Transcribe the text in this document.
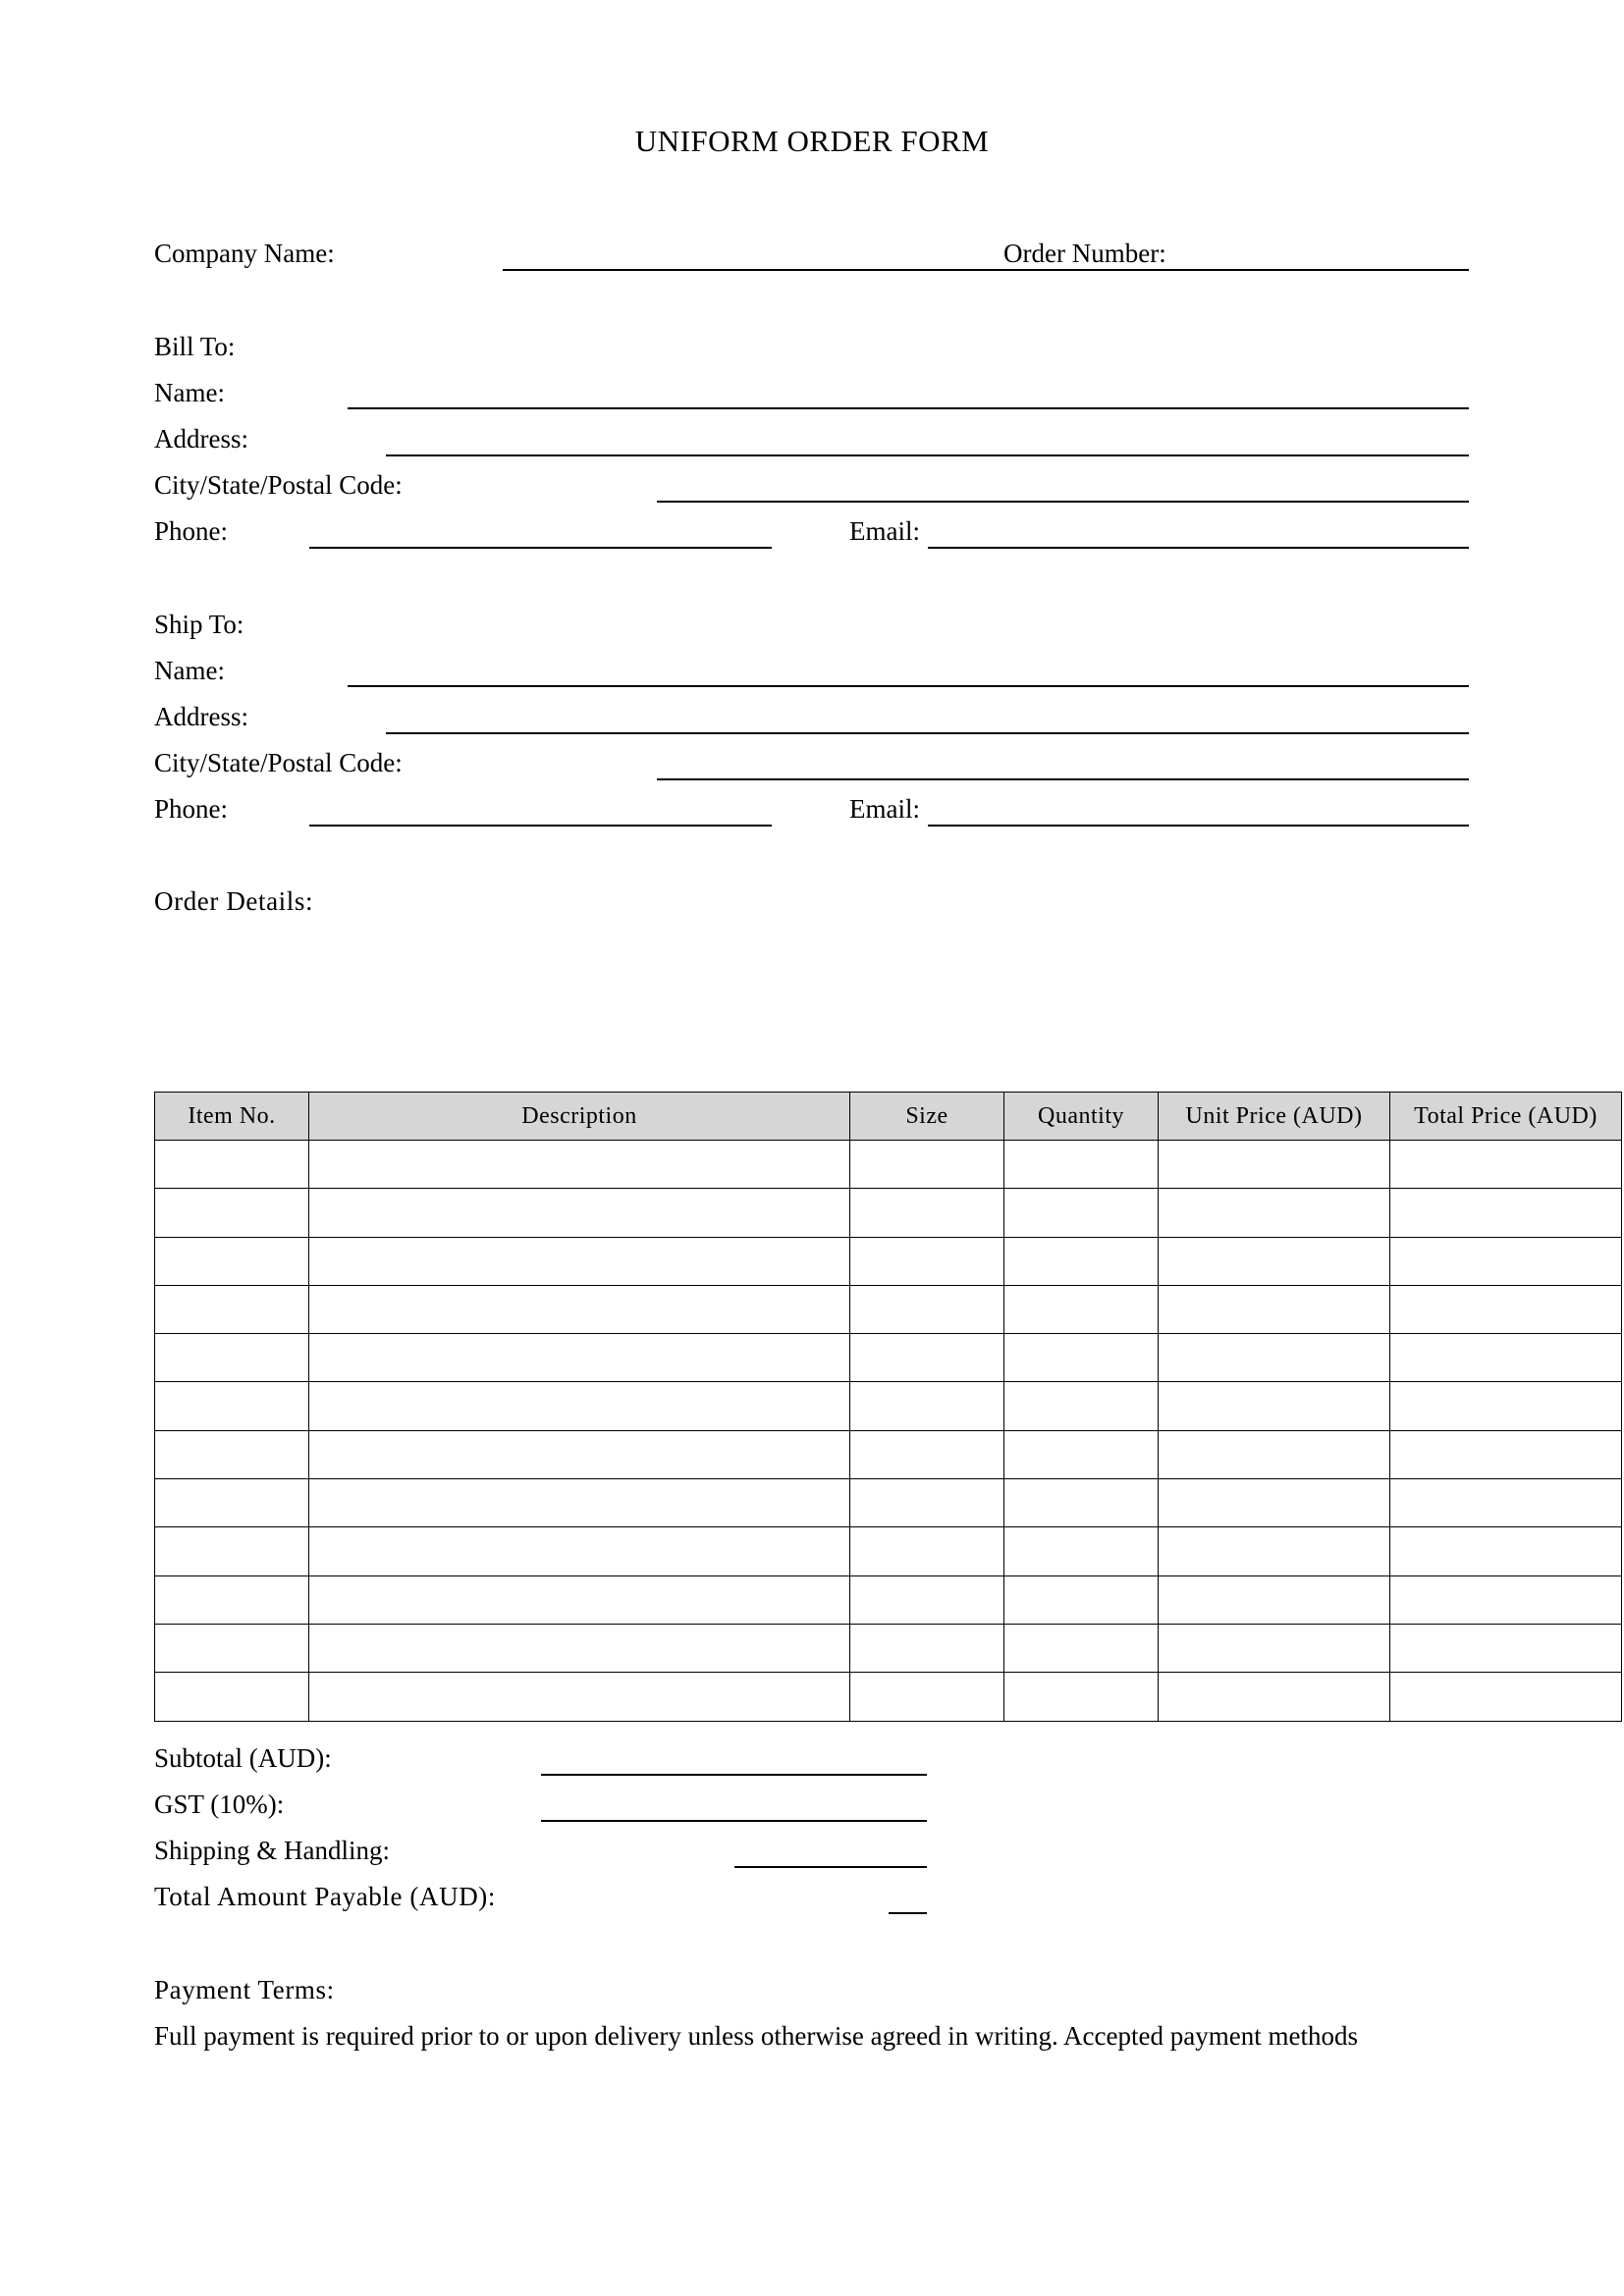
UNIFORM ORDER FORM
Company Name:	Order Number:
Bill To:
Name:
Address:
City/State/Postal Code:
Phone:	Email:
Ship To:
Name:
Address:
City/State/Postal Code:
Phone:	Email:
Order Details:
Item No.	Description	Size	Quantity	Unit Price (AUD)	Total Price (AUD)

Subtotal (AUD):
GST (10%):
Shipping & Handling:
Total Amount Payable (AUD):
Payment Terms:
Full payment is required prior to or upon delivery unless otherwise agreed in writing. Accepted payment methods
